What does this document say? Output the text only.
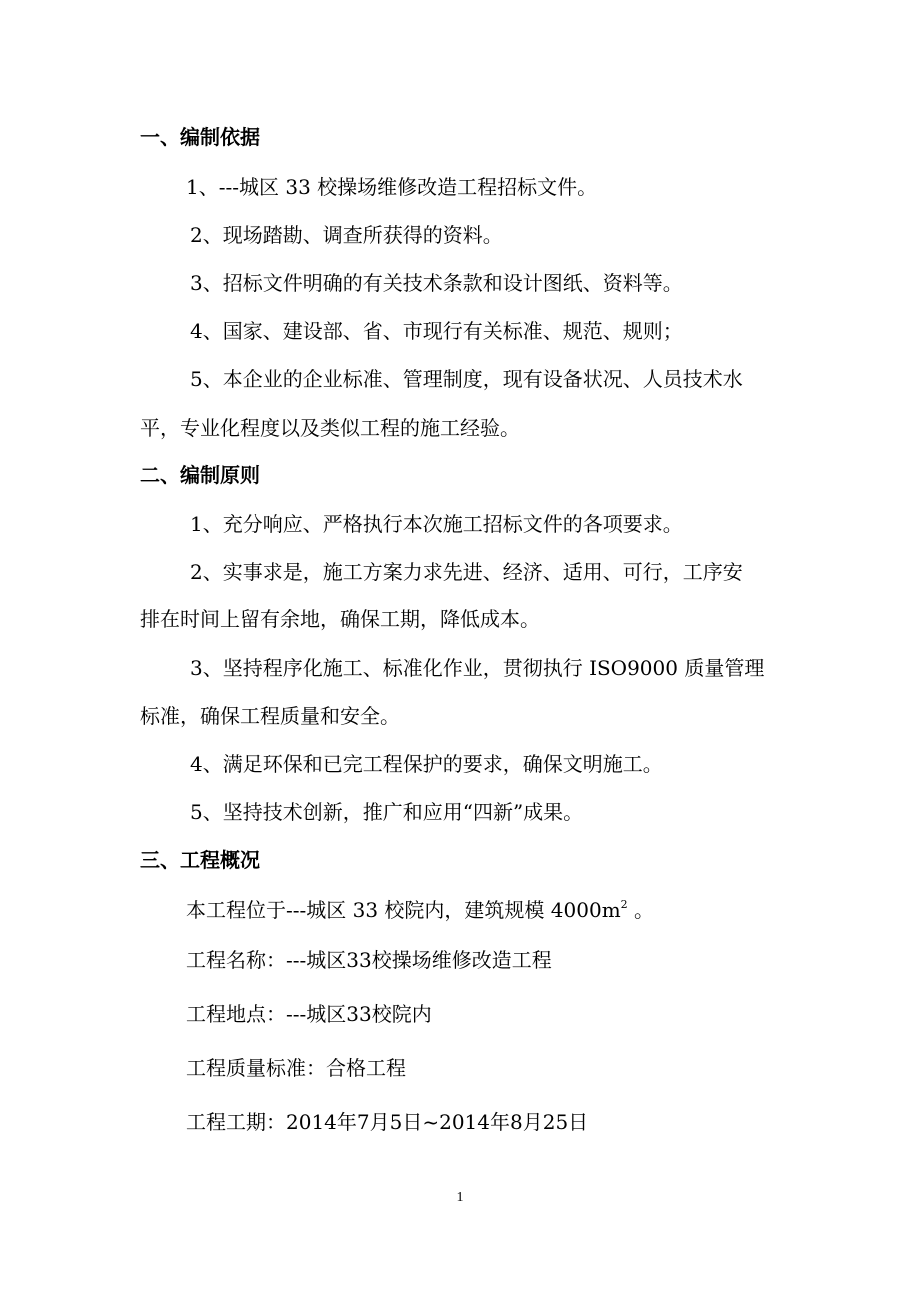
一、编制依据
1、---城区 33 校操场维修改造工程招标文件。
2、现场踏勘、调查所获得的资料。
3、招标文件明确的有关技术条款和设计图纸、资料等。
4、国家、建设部、省、市现行有关标准、规范、规则；
5、本企业的企业标准、管理制度，现有设备状况、人员技术水
平，专业化程度以及类似工程的施工经验。
二、编制原则
1、充分响应、严格执行本次施工招标文件的各项要求。
2、实事求是，施工方案力求先进、经济、适用、可行，工序安
排在时间上留有余地，确保工期，降低成本。
3、坚持程序化施工、标准化作业，贯彻执行 ISO9000 质量管理
标准，确保工程质量和安全。
4、满足环保和已完工程保护的要求，确保文明施工。
5、坚持技术创新，推广和应用“四新”成果。
三、工程概况
本工程位于---城区 33 校院内，建筑规模 $4000m^2$ 。
工程名称：---城区33校操场维修改造工程
工程地点：---城区33校院内
工程质量标准：合格工程
工程工期：2014年7月5日~2014年8月25日
1
